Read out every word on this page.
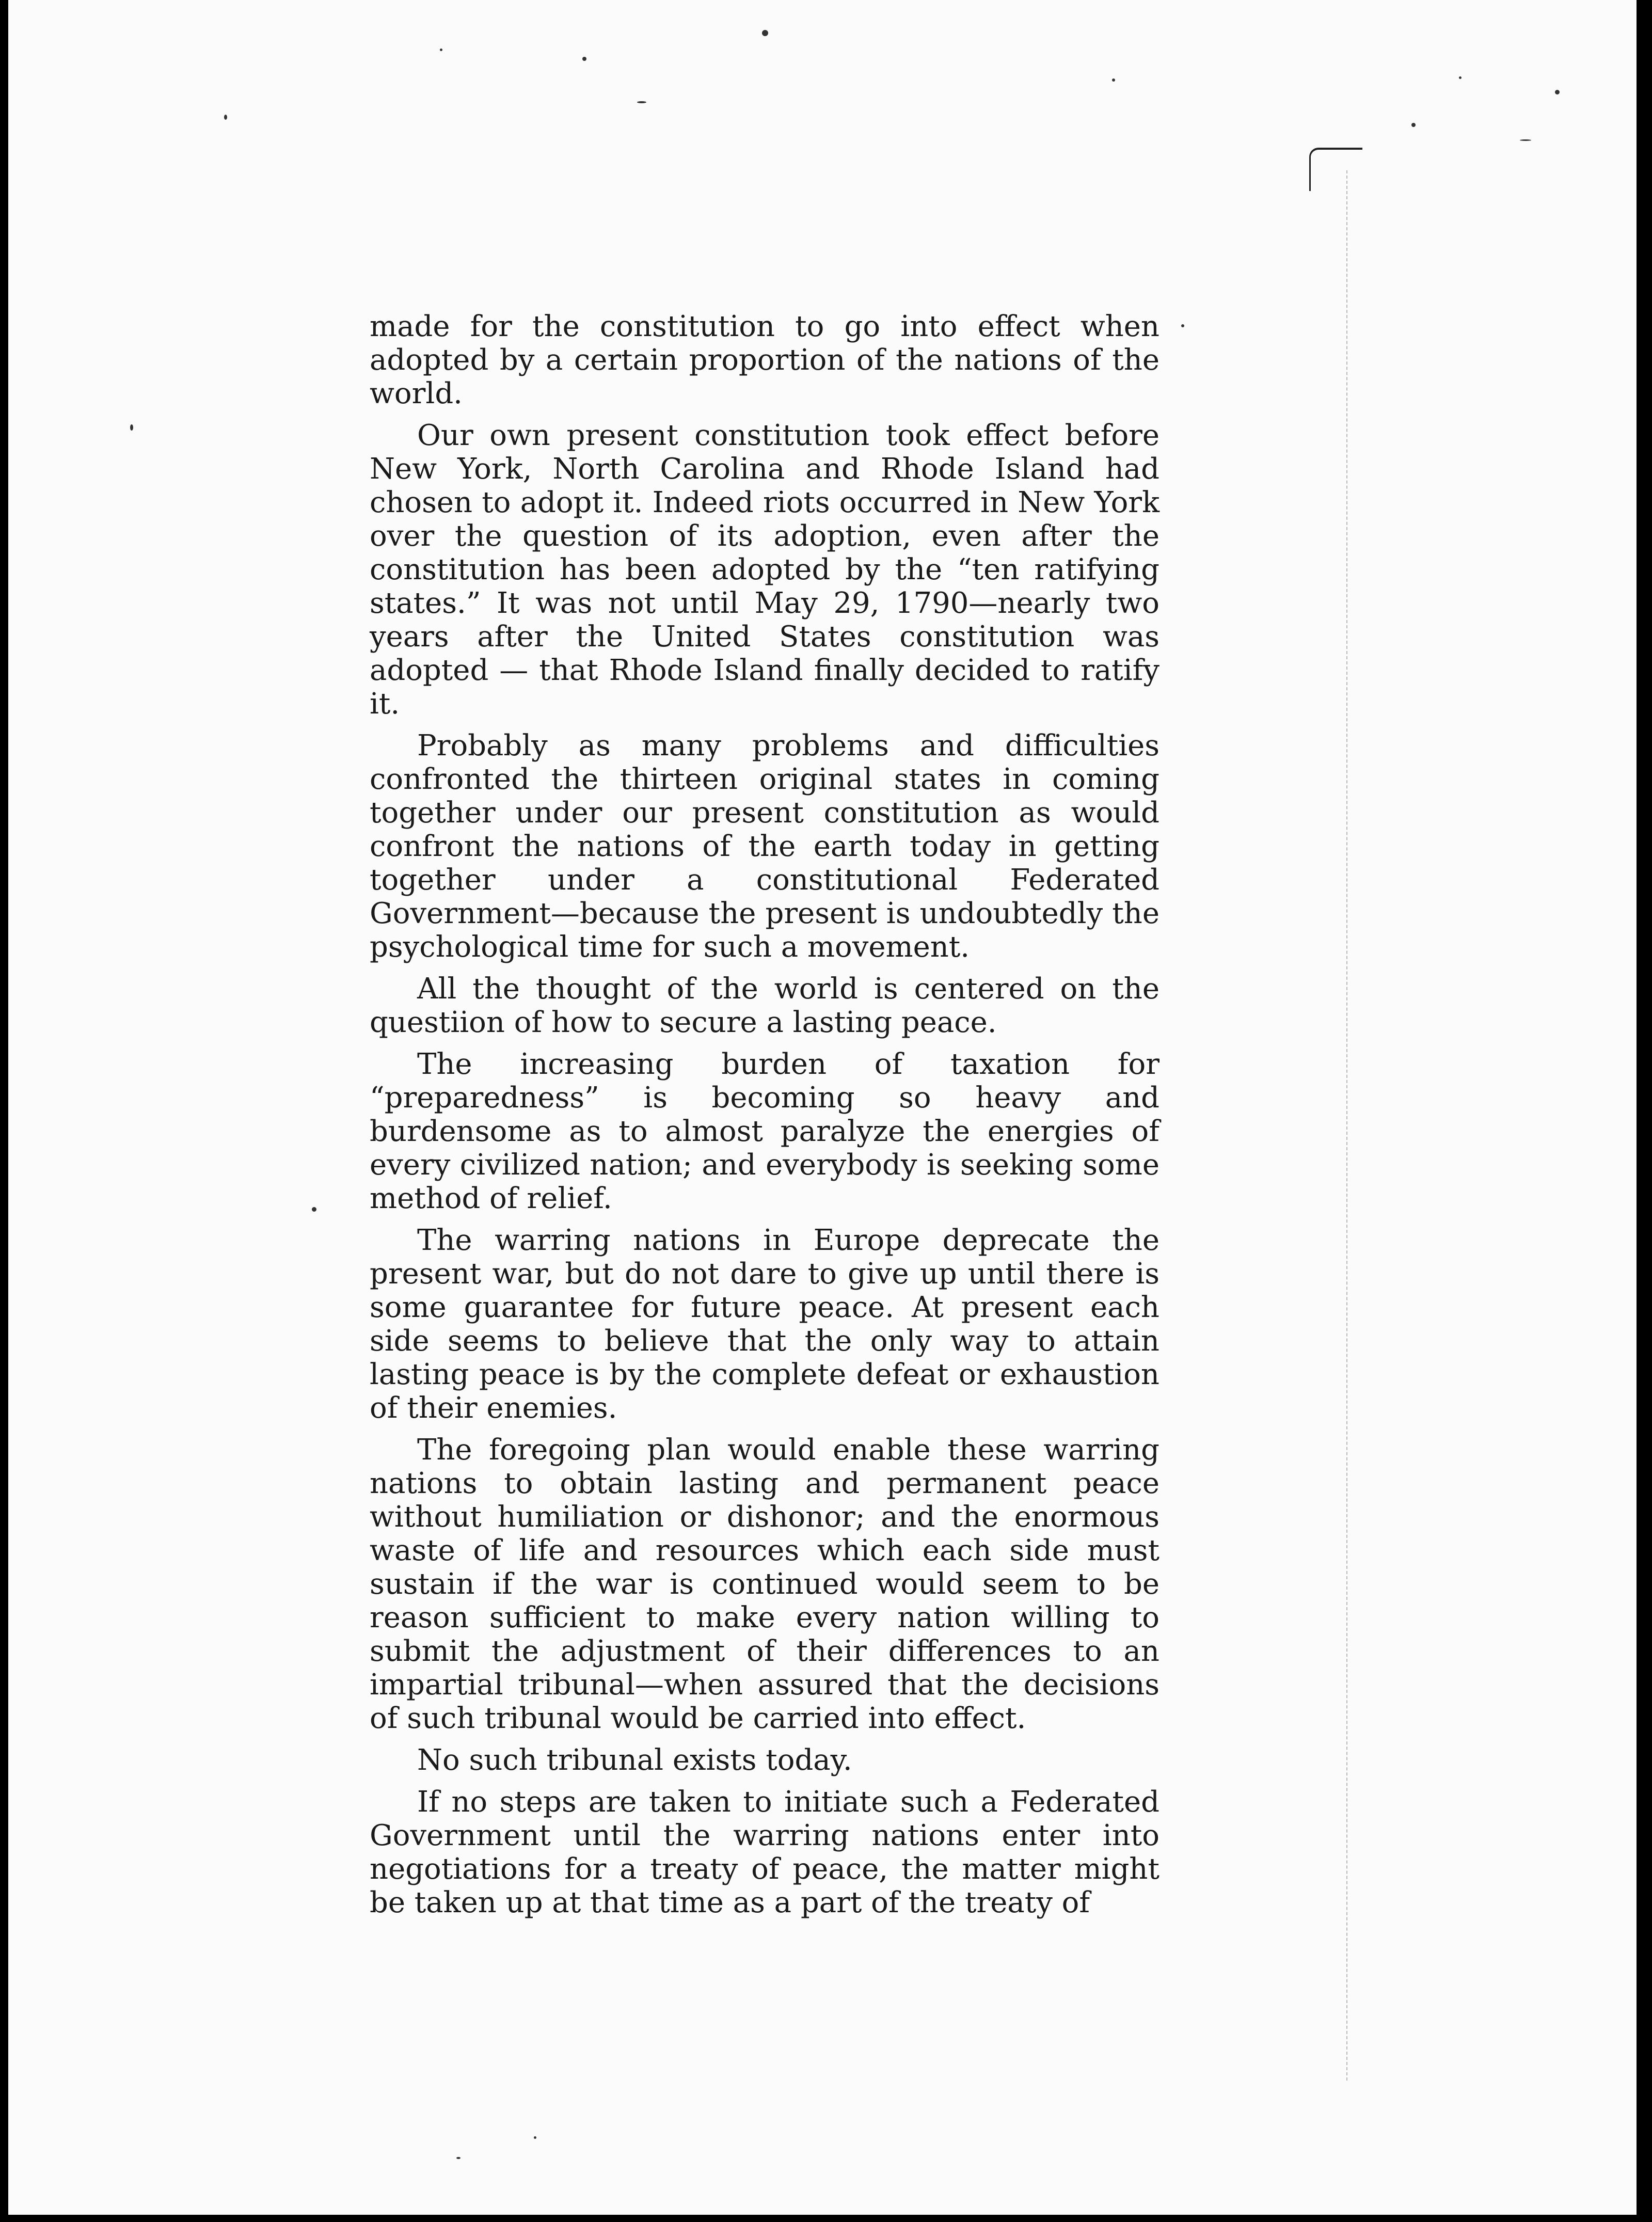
made for the constitution to go into effect when adopted by a certain proportion of the nations of the world.

Our own present constitution took effect before New York, North Carolina and Rhode Island had chosen to adopt it. Indeed riots occurred in New York over the question of its adoption, even after the constitution has been adopted by the “ten ratifying states.” It was not until May 29, 1790—nearly two years after the United States constitution was adopted — that Rhode Island finally decided to ratify it.

Probably as many problems and difficulties confronted the thirteen original states in coming together under our present constitution as would confront the nations of the earth today in getting together under a constitutional Federated Government—because the present is undoubtedly the psychological time for such a movement.

All the thought of the world is centered on the questiion of how to secure a lasting peace.

The increasing burden of taxation for “preparedness” is becoming so heavy and burdensome as to almost paralyze the energies of every civilized nation; and everybody is seeking some method of relief.

The warring nations in Europe deprecate the present war, but do not dare to give up until there is some guarantee for future peace. At present each side seems to believe that the only way to attain lasting peace is by the complete defeat or exhaustion of their enemies.

The foregoing plan would enable these warring nations to obtain lasting and permanent peace without humiliation or dishonor; and the enormous waste of life and resources which each side must sustain if the war is continued would seem to be reason sufficient to make every nation willing to submit the adjustment of their differences to an impartial tribunal—when assured that the decisions of such tribunal would be carried into effect.

No such tribunal exists today.

If no steps are taken to initiate such a Federated Government until the warring nations enter into negotiations for a treaty of peace, the matter might be taken up at that time as a part of the treaty of
